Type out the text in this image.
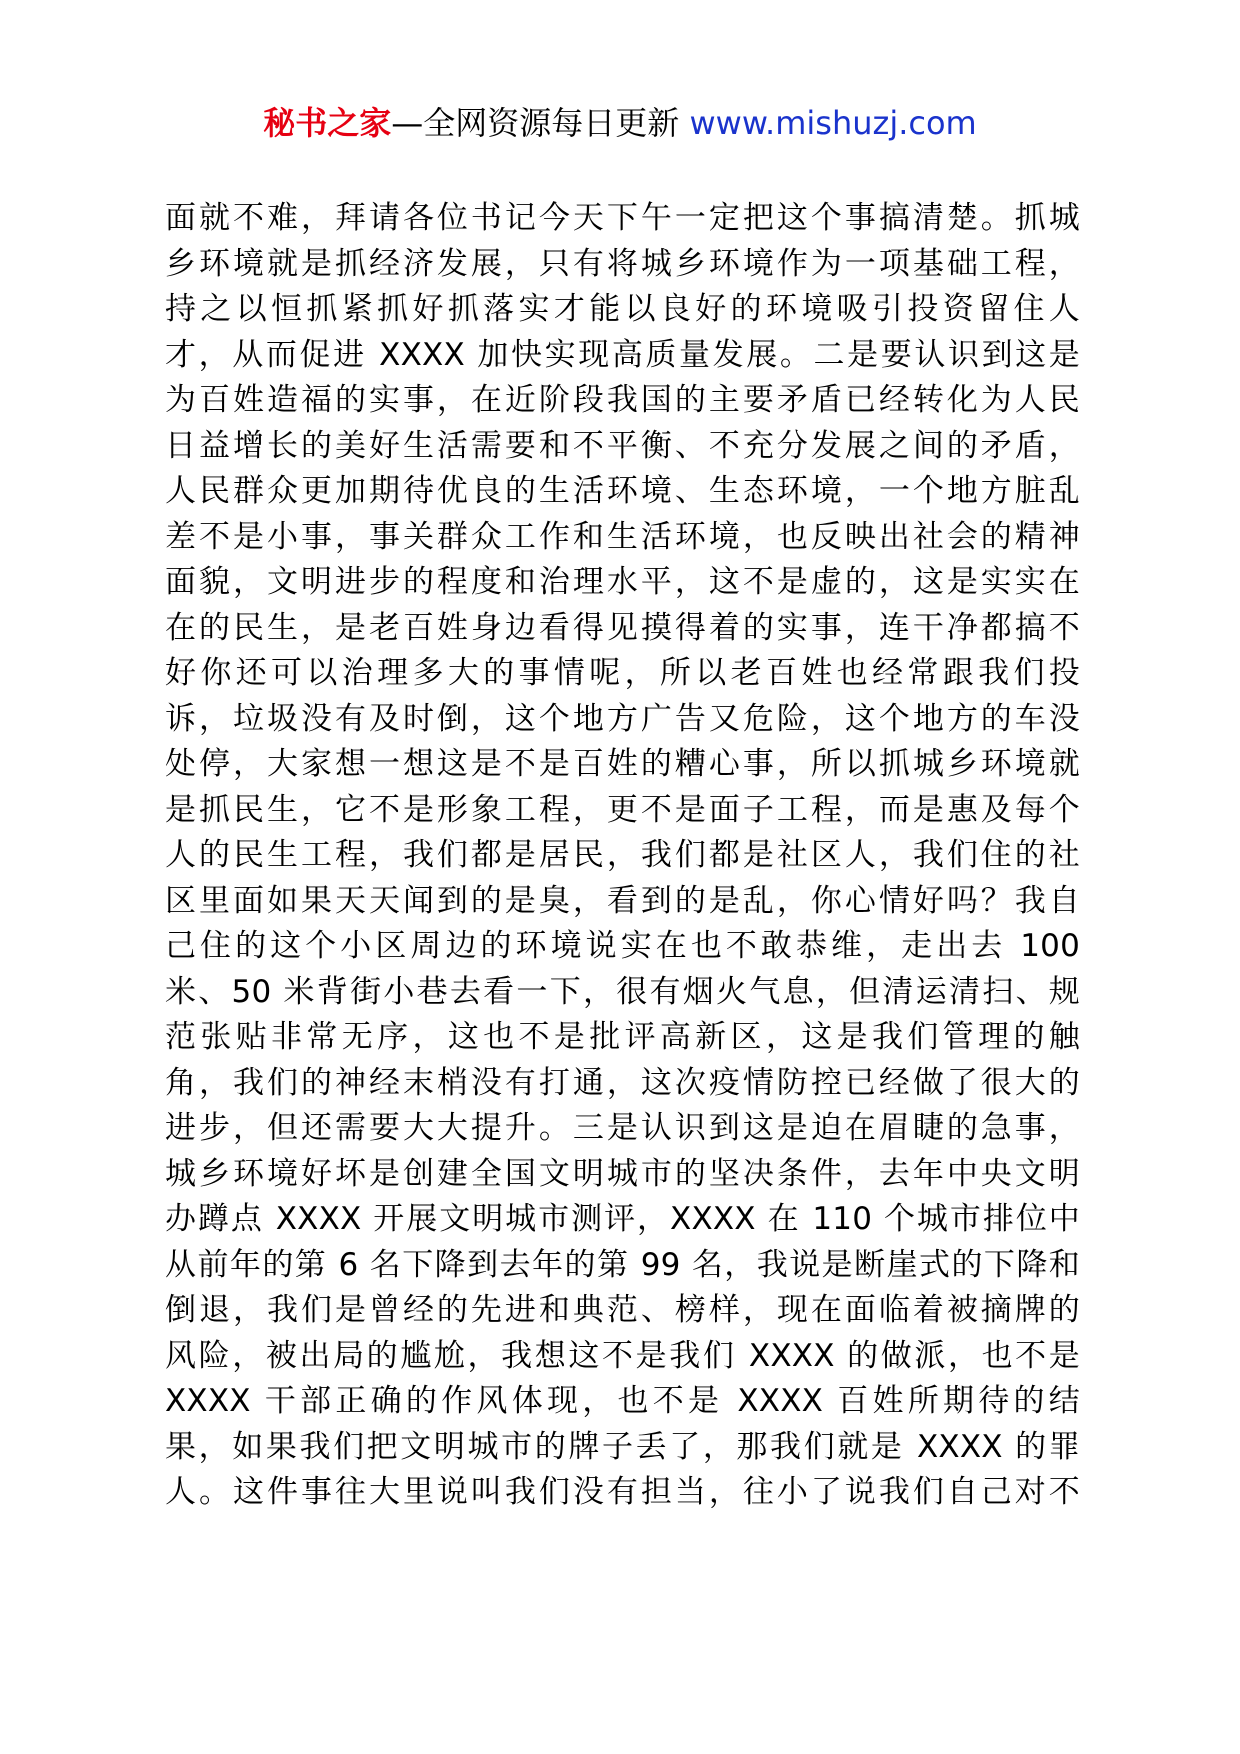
秘书之家—全网资源每日更新 www.mishuzj.com
面就不难，拜请各位书记今天下午一定把这个事搞清楚。抓城
乡环境就是抓经济发展，只有将城乡环境作为一项基础工程，
持之以恒抓紧抓好抓落实才能以良好的环境吸引投资留住人
才，从而促进 XXXX 加快实现高质量发展。二是要认识到这是
为百姓造福的实事，在近阶段我国的主要矛盾已经转化为人民
日益增长的美好生活需要和不平衡、不充分发展之间的矛盾，
人民群众更加期待优良的生活环境、生态环境，一个地方脏乱
差不是小事，事关群众工作和生活环境，也反映出社会的精神
面貌，文明进步的程度和治理水平，这不是虚的，这是实实在
在的民生，是老百姓身边看得见摸得着的实事，连干净都搞不
好你还可以治理多大的事情呢，所以老百姓也经常跟我们投
诉，垃圾没有及时倒，这个地方广告又危险，这个地方的车没
处停，大家想一想这是不是百姓的糟心事，所以抓城乡环境就
是抓民生，它不是形象工程，更不是面子工程，而是惠及每个
人的民生工程，我们都是居民，我们都是社区人，我们住的社
区里面如果天天闻到的是臭，看到的是乱，你心情好吗？我自
己住的这个小区周边的环境说实在也不敢恭维，走出去 100
米、50 米背街小巷去看一下，很有烟火气息，但清运清扫、规
范张贴非常无序，这也不是批评高新区，这是我们管理的触
角，我们的神经末梢没有打通，这次疫情防控已经做了很大的
进步，但还需要大大提升。三是认识到这是迫在眉睫的急事，
城乡环境好坏是创建全国文明城市的坚决条件，去年中央文明
办蹲点 XXXX 开展文明城市测评，XXXX 在 110 个城市排位中
从前年的第 6 名下降到去年的第 99 名，我说是断崖式的下降和
倒退，我们是曾经的先进和典范、榜样，现在面临着被摘牌的
风险，被出局的尴尬，我想这不是我们 XXXX 的做派，也不是
XXXX 干部正确的作风体现，也不是 XXXX 百姓所期待的结
果，如果我们把文明城市的牌子丢了，那我们就是 XXXX 的罪
人。这件事往大里说叫我们没有担当，往小了说我们自己对不
